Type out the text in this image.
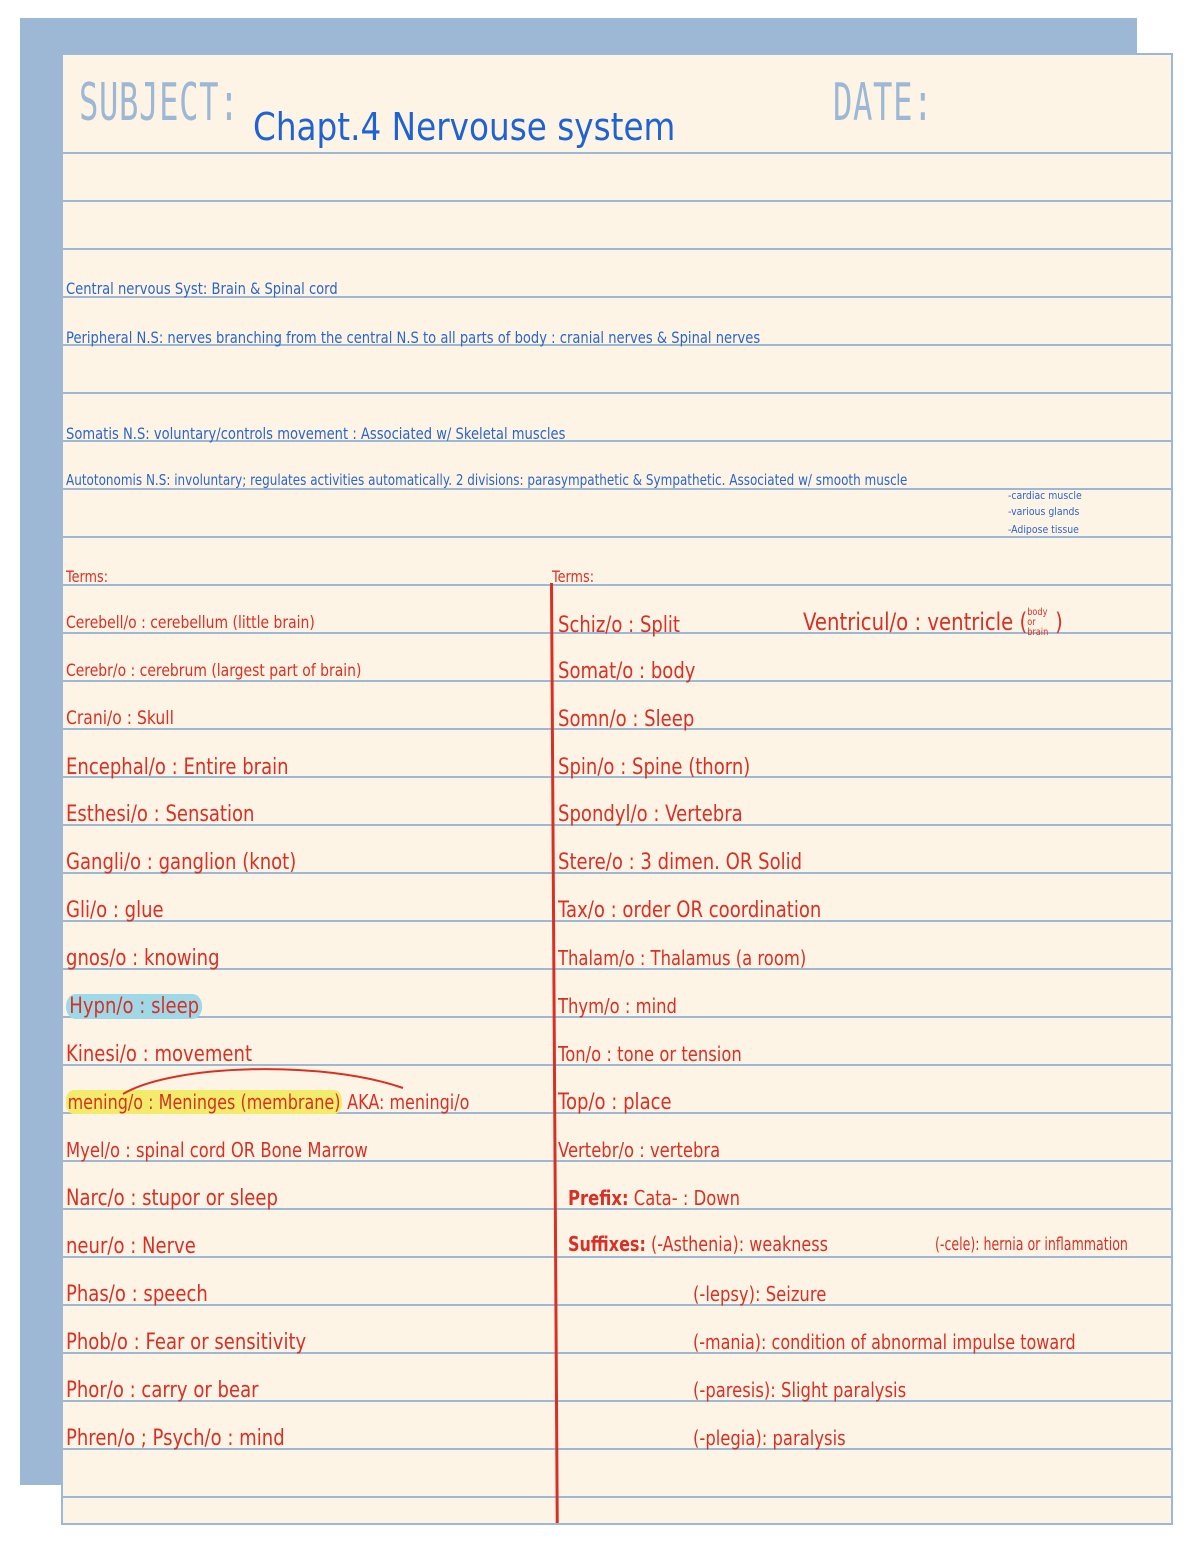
SUBJECT:	DATE:
Chapt.4 Nervouse system
Central nervous Syst: Brain & Spinal cord
Peripheral N.S: nerves branching from the central N.S to all parts of body : cranial nerves & Spinal nerves
Somatis N.S: voluntary/controls movement : Associated w/ Skeletal muscles
Autotonomis N.S: involuntary; regulates activities automatically. 2 divisions: parasympathetic & Sympathetic. Associated w/ smooth muscle
-cardiac muscle
-various glands
-Adipose tissue
Terms:
Cerebell/o : cerebellum (little brain)
Cerebr/o : cerebrum (largest part of brain)
Crani/o : Skull
Encephal/o : Entire brain
Esthesi/o : Sensation
Gangli/o : ganglion (knot)
Gli/o : glue
gnos/o : knowing
Hypn/o : sleep
Kinesi/o : movement
mening/o : Meninges (membrane) AKA: meningi/o
Myel/o : spinal cord OR Bone Marrow
Narc/o : stupor or sleep
neur/o : Nerve
Phas/o : speech
Phob/o : Fear or sensitivity
Phor/o : carry or bear
Phren/o ; Psych/o : mind
Terms:
Schiz/o : Split	Ventricul/o : ventricle (body or brain )
Somat/o : body
Somn/o : Sleep
Spin/o : Spine (thorn)
Spondyl/o : Vertebra
Stere/o : 3 dimen. OR Solid
Tax/o : order OR coordination
Thalam/o : Thalamus (a room)
Thym/o : mind
Ton/o : tone or tension
Top/o : place
Vertebr/o : vertebra
Prefix: Cata- : Down
Suffixes: (-Asthenia): weakness	(-cele): hernia or inflammation
(-lepsy): Seizure
(-mania): condition of abnormal impulse toward
(-paresis): Slight paralysis
(-plegia): paralysis
